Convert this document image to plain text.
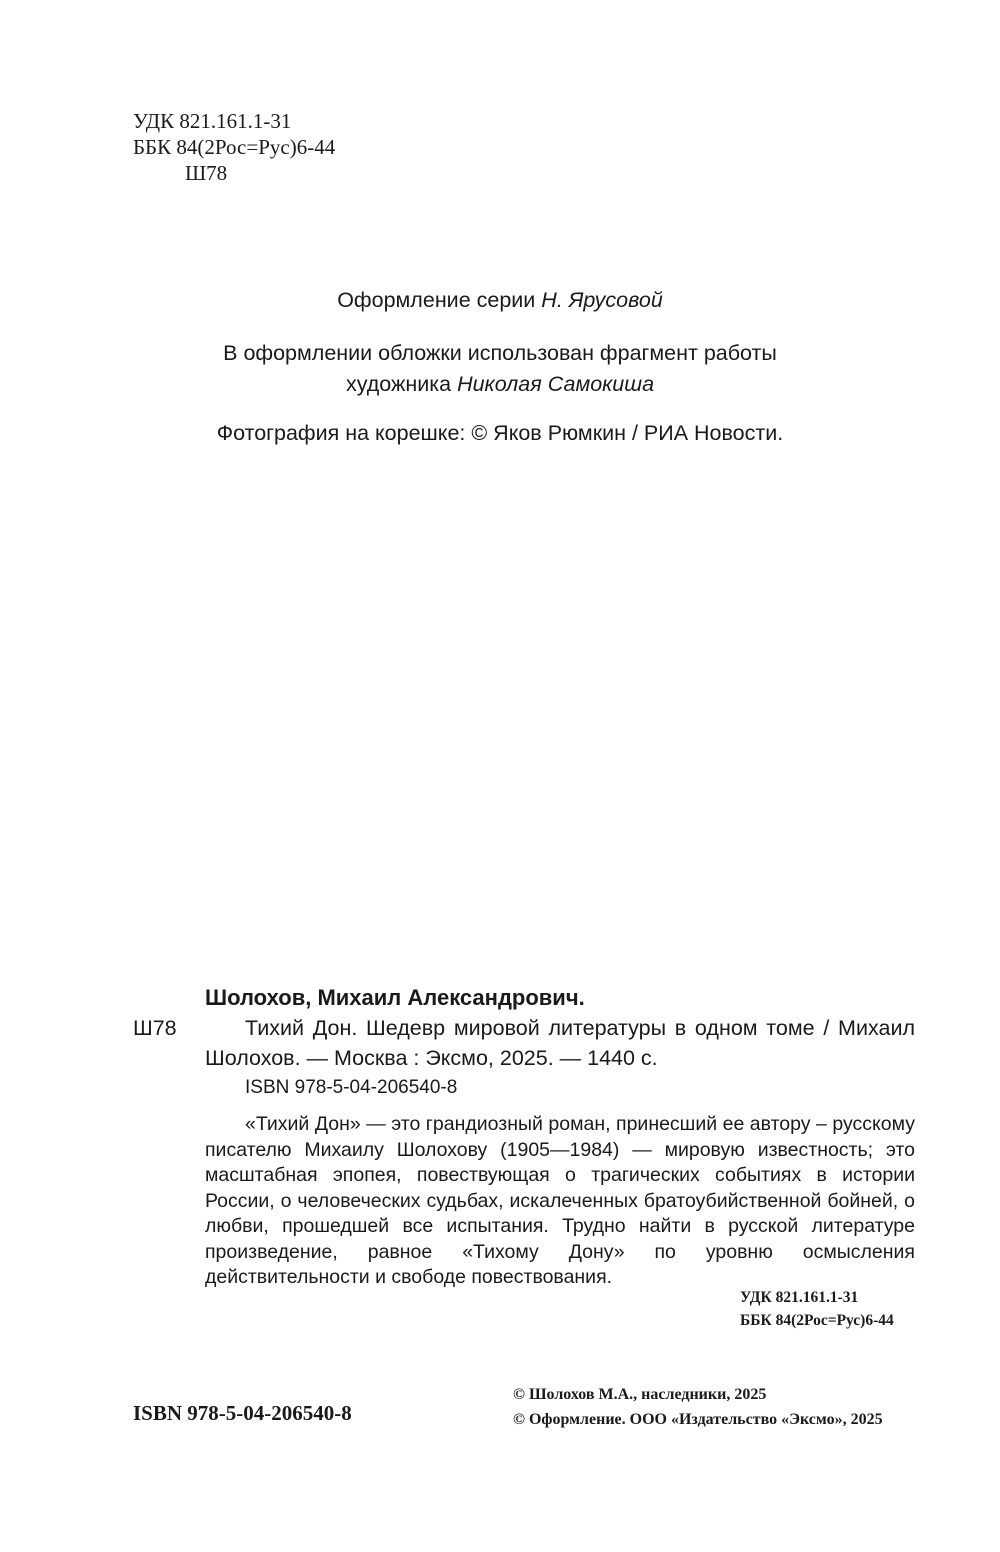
УДК 821.161.1-31
ББК 84(2Рос=Рус)6-44
Ш78
Оформление серии Н. Ярусовой
В оформлении обложки использован фрагмент работы
художника Николая Самокиша
Фотография на корешке: © Яков Рюмкин / РИА Новости.
Шолохов, Михаил Александрович.
Ш78	Тихий Дон. Шедевр мировой литературы в одном томе / Михаил Шолохов. — Москва : Эксмо, 2025. — 1440 с.
ISBN 978-5-04-206540-8
«Тихий Дон» — это грандиозный роман, принесший ее автору – русскому писателю Михаилу Шолохову (1905—1984) — мировую известность; это масштабная эпопея, повествующая о трагических событиях в истории России, о человеческих судьбах, искалеченных братоубийственной бойней, о любви, прошедшей все испытания. Трудно найти в русской литературе произведение, равное «Тихому Дону» по уровню осмысления действительности и свободе повествования.
УДК 821.161.1-31
ББК 84(2Рос=Рус)6-44
ISBN 978-5-04-206540-8
© Шолохов М.А., наследники, 2025
© Оформление. ООО «Издательство «Эксмо», 2025
